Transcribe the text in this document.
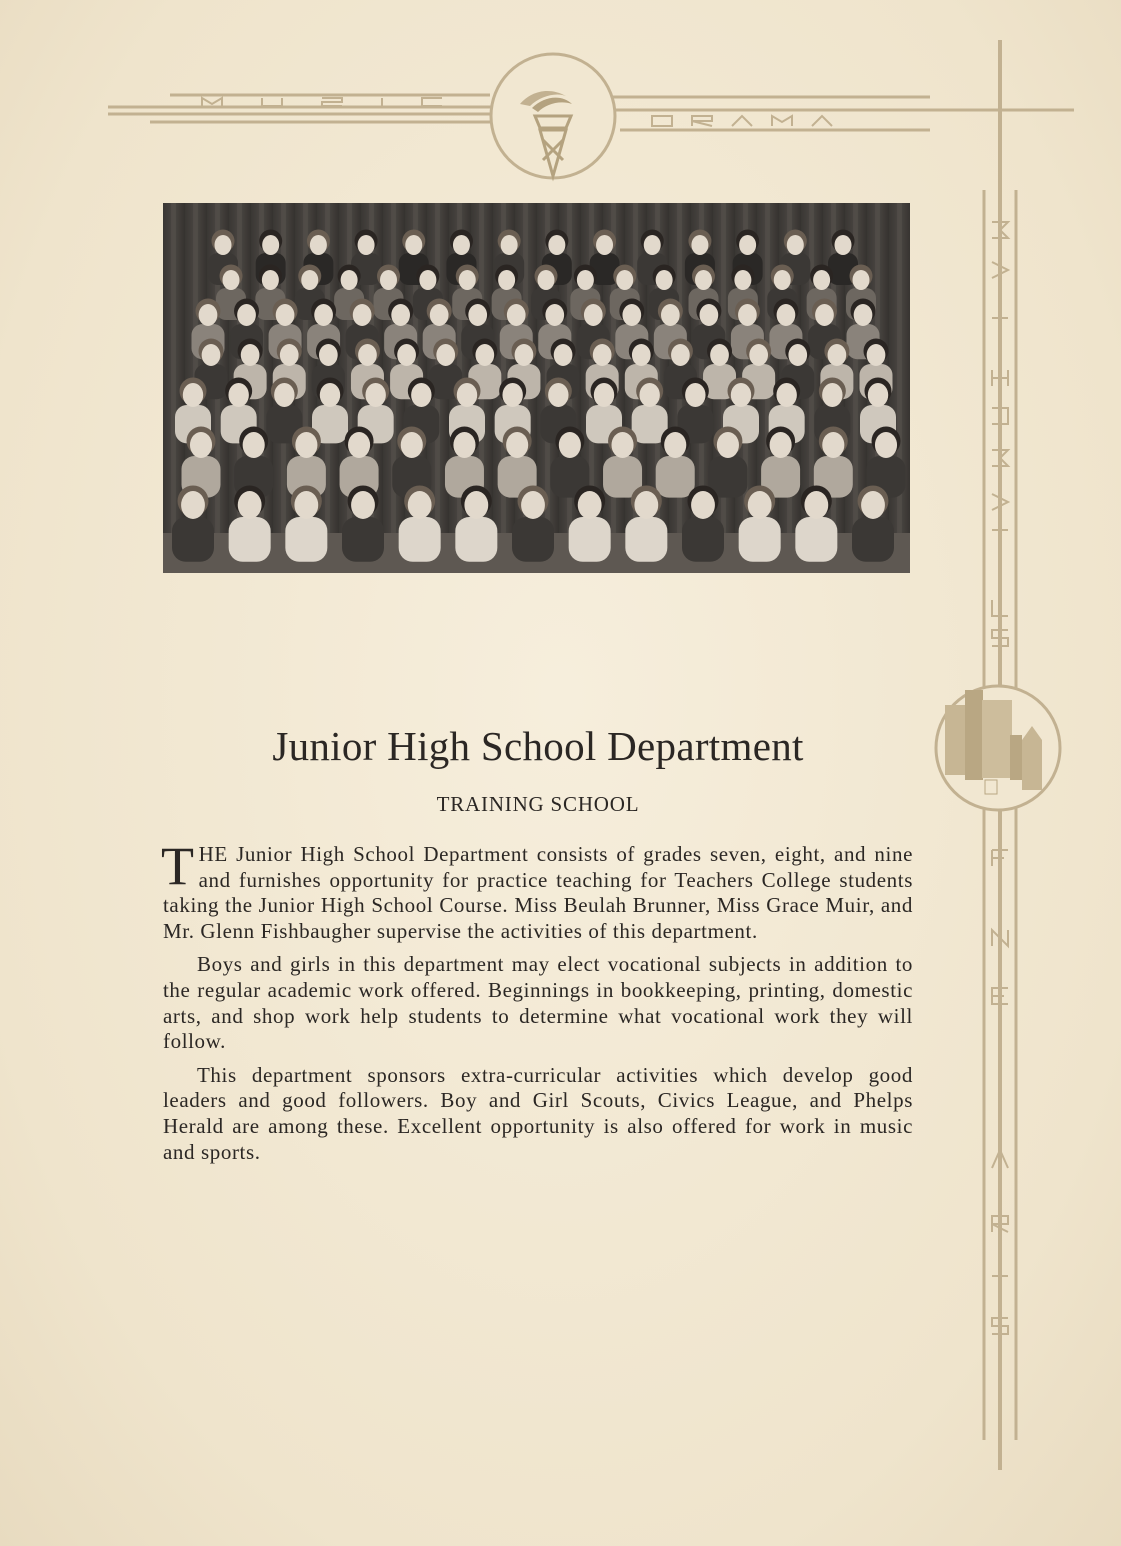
Junior High School Department
TRAINING SCHOOL

THE Junior High School Department consists of grades seven, eight, and nine and furnishes opportunity for practice teaching for Teachers College students taking the Junior High School Course. Miss Beulah Brunner, Miss Grace Muir, and Mr. Glenn Fishbaugher supervise the activities of this department.

Boys and girls in this department may elect vocational subjects in addition to the regular academic work offered. Beginnings in bookkeeping, printing, domestic arts, and shop work help students to determine what vocational work they will follow.

This department sponsors extra-curricular activities which develop good leaders and good followers. Boy and Girl Scouts, Civics League, and Phelps Herald are among these. Excellent opportunity is also offered for work in music and sports.
